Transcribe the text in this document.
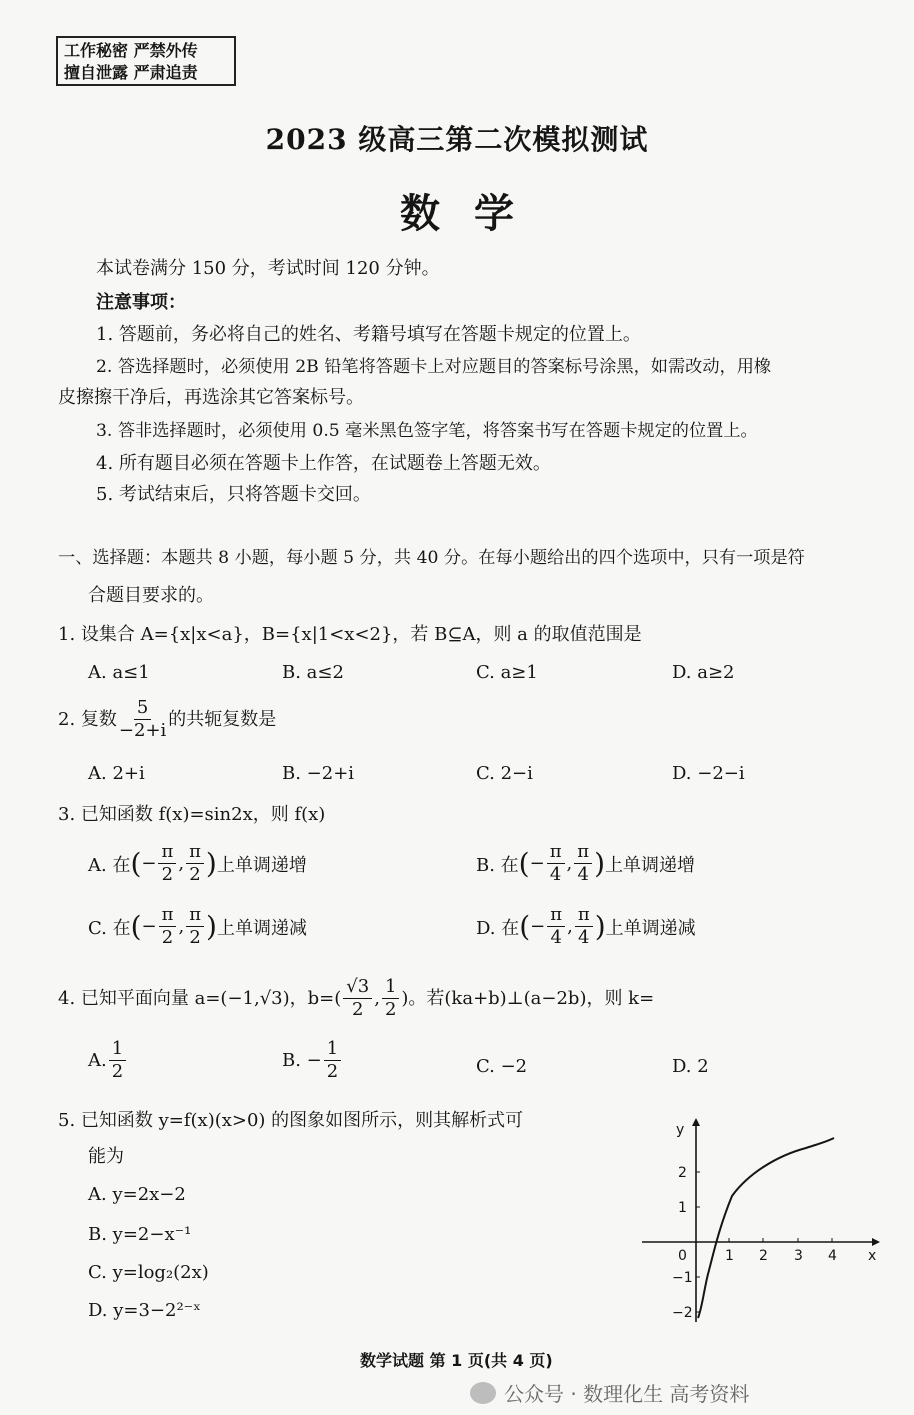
工作秘密 严禁外传
擅自泄露 严肃追责
2023 级高三第二次模拟测试
数学
本试卷满分 150 分，考试时间 120 分钟。
注意事项：
1. 答题前，务必将自己的姓名、考籍号填写在答题卡规定的位置上。
2. 答选择题时，必须使用 2B 铅笔将答题卡上对应题目的答案标号涂黑，如需改动，用橡
皮擦擦干净后，再选涂其它答案标号。
3. 答非选择题时，必须使用 0.5 毫米黑色签字笔，将答案书写在答题卡规定的位置上。
4. 所有题目必须在答题卡上作答，在试题卷上答题无效。
5. 考试结束后，只将答题卡交回。
一、选择题：本题共 8 小题，每小题 5 分，共 40 分。在每小题给出的四个选项中，只有一项是符
合题目要求的。
1. 设集合 A={x|x<a}，B={x|1<x<2}，若 B⊆A，则 a 的取值范围是
A. a≤1	B. a≤2	C. a≥1	D. a≥2
2. 复数 $\frac{5}{-2+i}$ 的共轭复数是
A. 2+i	B. −2+i	C. 2−i	D. −2−i
3. 已知函数 f(x)=sin2x，则 f(x)
A. 在 ( − $\frac{\pi}{2}$ , $\frac{\pi}{2}$ ) 上单调递增	B. 在 ( − $\frac{\pi}{4}$ , $\frac{\pi}{4}$ ) 上单调递增
C. 在 ( − $\frac{\pi}{2}$ , $\frac{\pi}{2}$ ) 上单调递减	D. 在 ( − $\frac{\pi}{4}$ , $\frac{\pi}{4}$ ) 上单调递减
4. 已知平面向量 a=(−1,√3)，$b=( \frac{√3}{2}$ , $\frac{1}{2}$ )。若(ka+b)⊥(a−2b)，则 k=
A. $\frac{1}{2}$	B. − $\frac{1}{2}$	C. −2	D. 2
5. 已知函数 y=f(x)(x>0) 的图象如图所示，则其解析式可
能为
A. y=2x−2
B. y=2−x⁻¹
C. y=log₂(2x)
D. y=3−2²⁻ˣ
y
x
0	1 2 3 4
2
1
−1
−2
数学试题 第 1 页(共 4 页)
公众号 · 数理化生 高考资料
